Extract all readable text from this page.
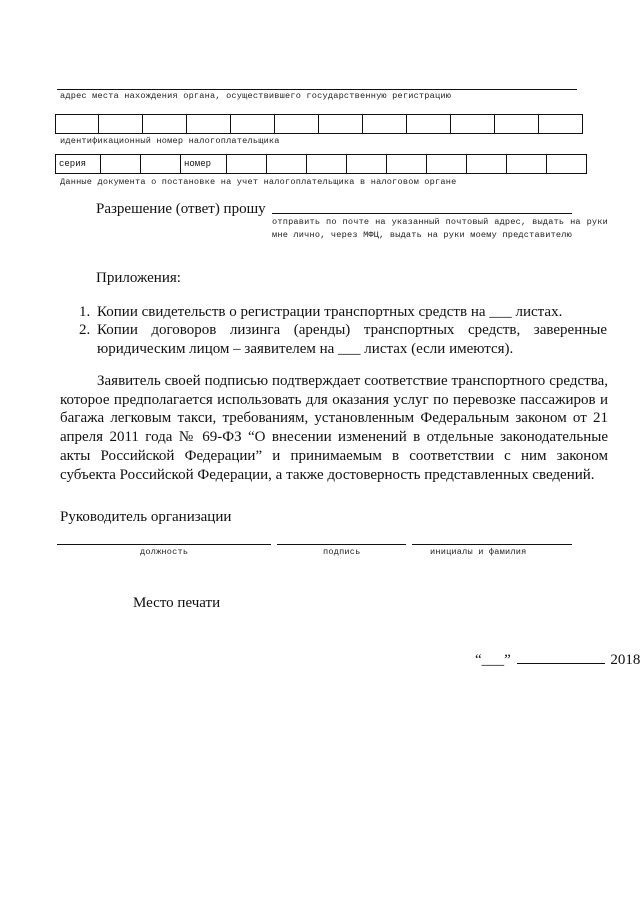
адрес места нахождения органа, осуществившего государственную регистрацию
идентификационный номер налогоплательщика
серия	номер
Данные документа о постановке на учет налогоплательщика в налоговом органе
Разрешение (ответ) прошу
отправить по почте на указанный почтовый адрес, выдать на руки мне лично, через МФЦ, выдать на руки моему представителю
Приложения:
1. Копии свидетельств о регистрации транспортных средств на ___ листах.
2. Копии договоров лизинга (аренды) транспортных средств, заверенные юридическим лицом – заявителем на ___ листах (если имеются).
Заявитель своей подписью подтверждает соответствие транспортного средства, которое предполагается использовать для оказания услуг по перевозке пассажиров и багажа легковым такси, требованиям, установленным Федеральным законом от 21 апреля 2011 года № 69-ФЗ “О внесении изменений в отдельные законодательные акты Российской Федерации” и принимаемым в соответствии с ним законом субъекта Российской Федерации, а также достоверность представленных сведений.
Руководитель организации
должность	подпись	инициалы и фамилия
Место печати
“___”	2018
